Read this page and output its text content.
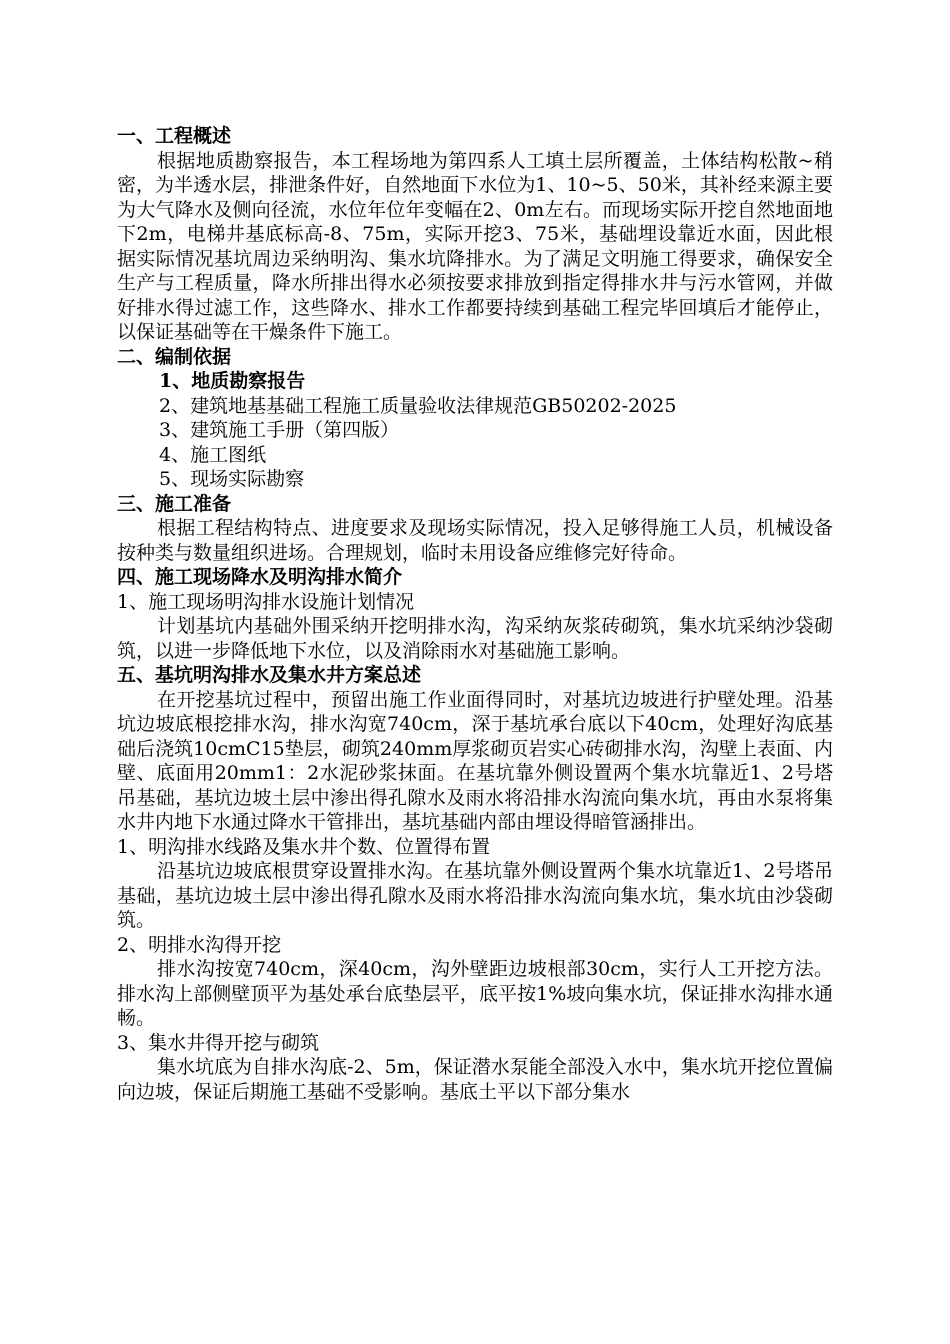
一、工程概述

根据地质勘察报告，本工程场地为第四系人工填土层所覆盖，土体结构松散~稍密，为半透水层，排泄条件好，自然地面下水位为1、10~5、50米，其补经来源主要为大气降水及侧向径流，水位年位年变幅在2、0m左右。而现场实际开挖自然地面地下2m，电梯井基底标高-8、75m，实际开挖3、75米，基础埋设靠近水面，因此根据实际情况基坑周边采纳明沟、集水坑降排水。为了满足文明施工得要求，确保安全生产与工程质量，降水所排出得水必须按要求排放到指定得排水井与污水管网，并做好排水得过滤工作，这些降水、排水工作都要持续到基础工程完毕回填后才能停止，以保证基础等在干燥条件下施工。

二、编制依据
1、地质勘察报告
2、建筑地基基础工程施工质量验收法律规范GB50202-2025
3、建筑施工手册（第四版）
4、施工图纸
5、现场实际勘察
三、施工准备

根据工程结构特点、进度要求及现场实际情况，投入足够得施工人员，机械设备按种类与数量组织进场。合理规划，临时未用设备应维修完好待命。

四、施工现场降水及明沟排水简介
1、施工现场明沟排水设施计划情况

计划基坑内基础外围采纳开挖明排水沟，沟采纳灰浆砖砌筑，集水坑采纳沙袋砌筑，以进一步降低地下水位，以及消除雨水对基础施工影响。

五、基坑明沟排水及集水井方案总述

在开挖基坑过程中，预留出施工作业面得同时，对基坑边坡进行护壁处理。沿基坑边坡底根挖排水沟，排水沟宽740cm，深于基坑承台底以下40cm，处理好沟底基础后浇筑10cmC15垫层，砌筑240mm厚浆砌页岩实心砖砌排水沟，沟壁上表面、内壁、底面用20mm1：2水泥砂浆抹面。在基坑靠外侧设置两个集水坑靠近1、2号塔吊基础，基坑边坡土层中渗出得孔隙水及雨水将沿排水沟流向集水坑，再由水泵将集水井内地下水通过降水干管排出，基坑基础内部由埋设得暗管涵排出。

1、明沟排水线路及集水井个数、位置得布置

沿基坑边坡底根贯穿设置排水沟。在基坑靠外侧设置两个集水坑靠近1、2号塔吊基础，基坑边坡土层中渗出得孔隙水及雨水将沿排水沟流向集水坑，集水坑由沙袋砌筑。

2、明排水沟得开挖

排水沟按宽740cm，深40cm，沟外壁距边坡根部30cm，实行人工开挖方法。排水沟上部侧壁顶平为基处承台底垫层平，底平按1%坡向集水坑，保证排水沟排水通畅。

3、集水井得开挖与砌筑

集水坑底为自排水沟底-2、5m，保证潜水泵能全部没入水中，集水坑开挖位置偏向边坡，保证后期施工基础不受影响。基底土平以下部分集水
